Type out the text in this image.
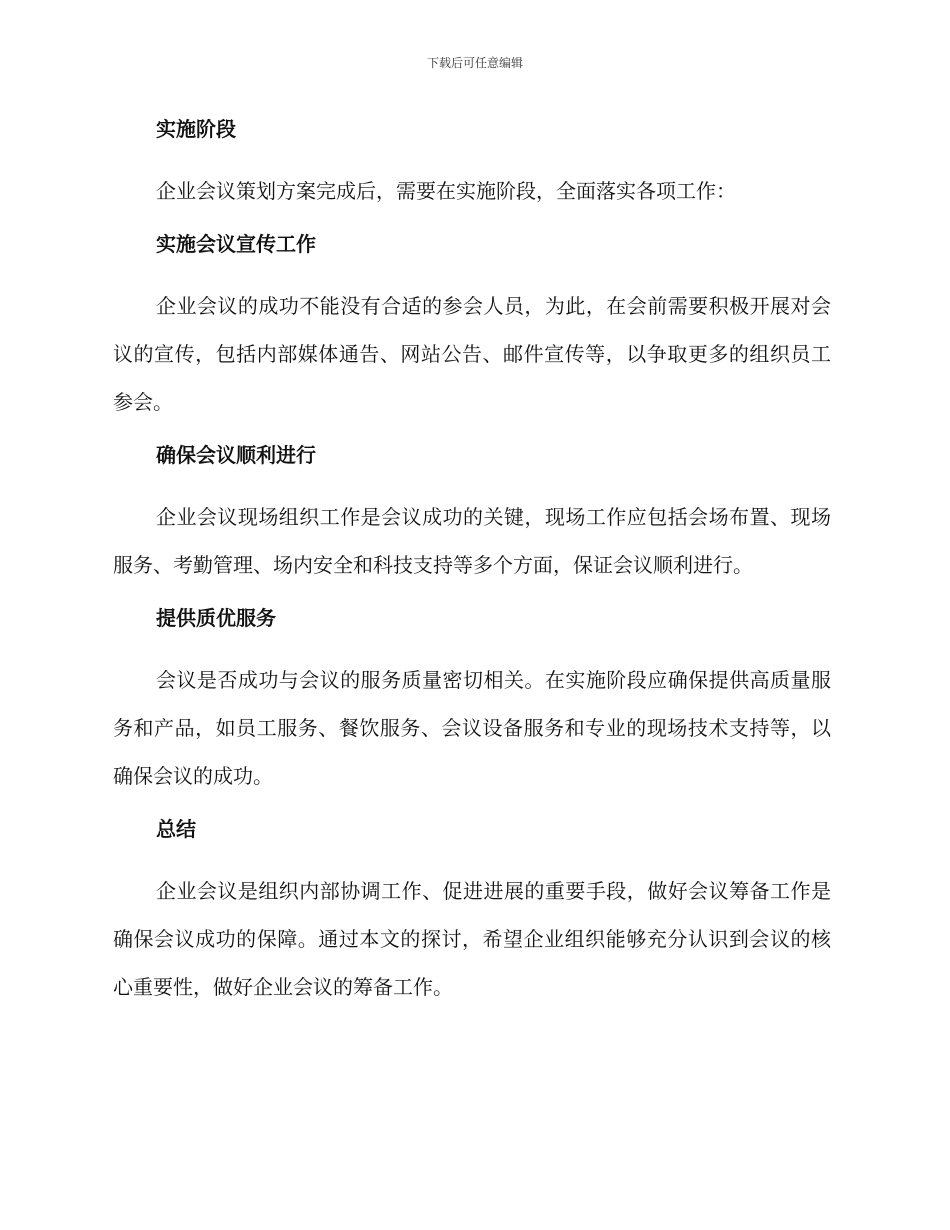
下载后可任意编辑
实施阶段

企业会议策划方案完成后，需要在实施阶段，全面落实各项工作：

实施会议宣传工作

企业会议的成功不能没有合适的参会人员，为此，在会前需要积极开展对会议的宣传，包括内部媒体通告、网站公告、邮件宣传等，以争取更多的组织员工参会。

确保会议顺利进行

企业会议现场组织工作是会议成功的关键，现场工作应包括会场布置、现场服务、考勤管理、场内安全和科技支持等多个方面，保证会议顺利进行。

提供质优服务

会议是否成功与会议的服务质量密切相关。在实施阶段应确保提供高质量服务和产品，如员工服务、餐饮服务、会议设备服务和专业的现场技术支持等，以确保会议的成功。

总结

企业会议是组织内部协调工作、促进进展的重要手段，做好会议筹备工作是确保会议成功的保障。通过本文的探讨，希望企业组织能够充分认识到会议的核心重要性，做好企业会议的筹备工作。
